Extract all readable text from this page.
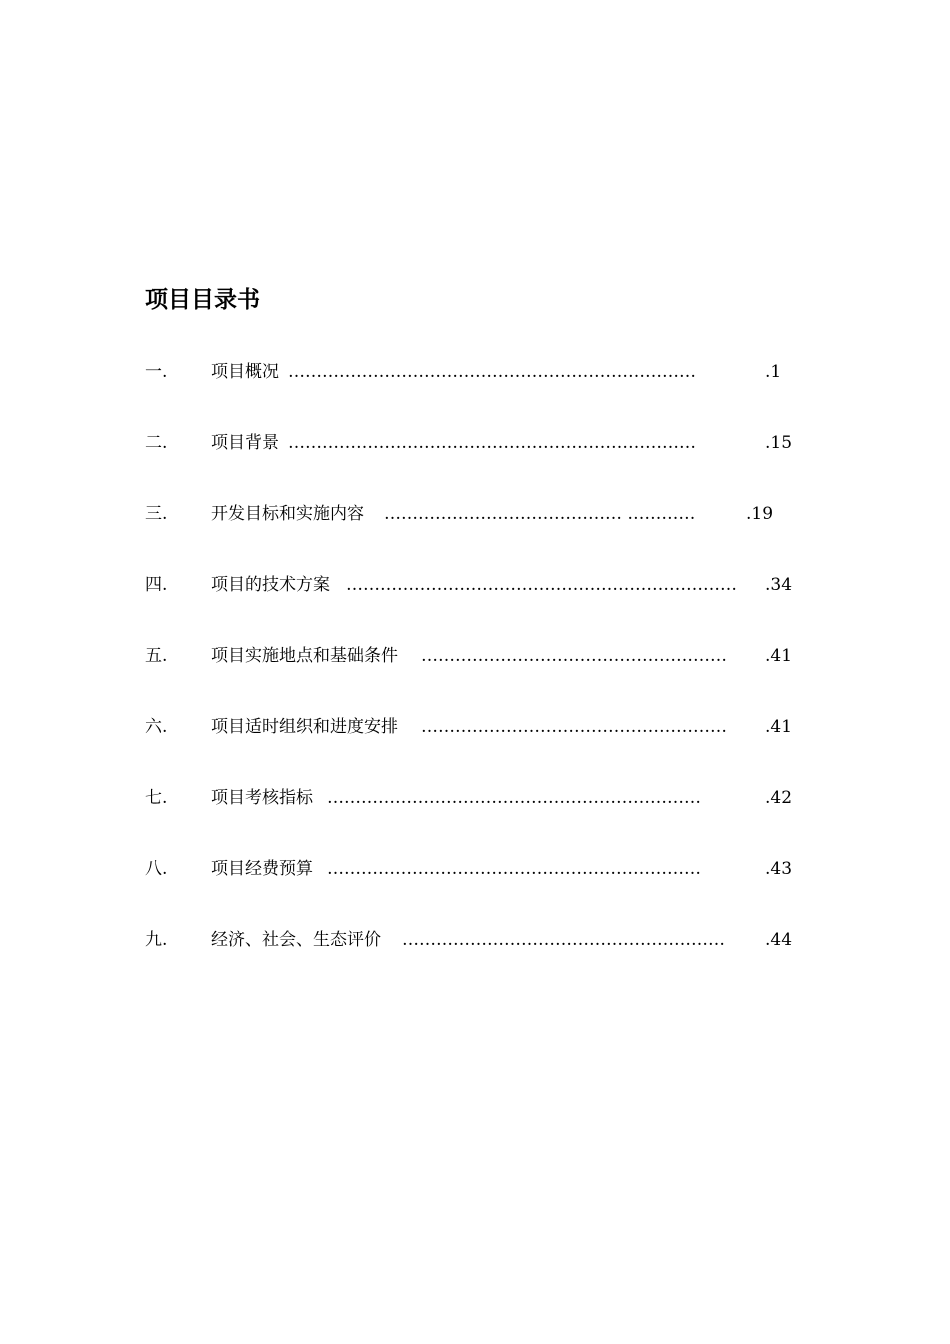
项目目录书
一.	项目概况 ………………………………………………………………	.1
二.	项目背景 ………………………………………………………………	.15
三.	开发目标和实施内容 …………………………………… …………	.19
四.	项目的技术方案 ……………………………………………………………	.34
五.	项目实施地点和基础条件 ………………………………………………	.41
六.	项目适时组织和进度安排 ………………………………………………	.41
七.	项目考核指标 …………………………………………………………	.42
八.	项目经费预算 …………………………………………………………	.43
九.	经济、社会、生态评价 …………………………………………………	.44
